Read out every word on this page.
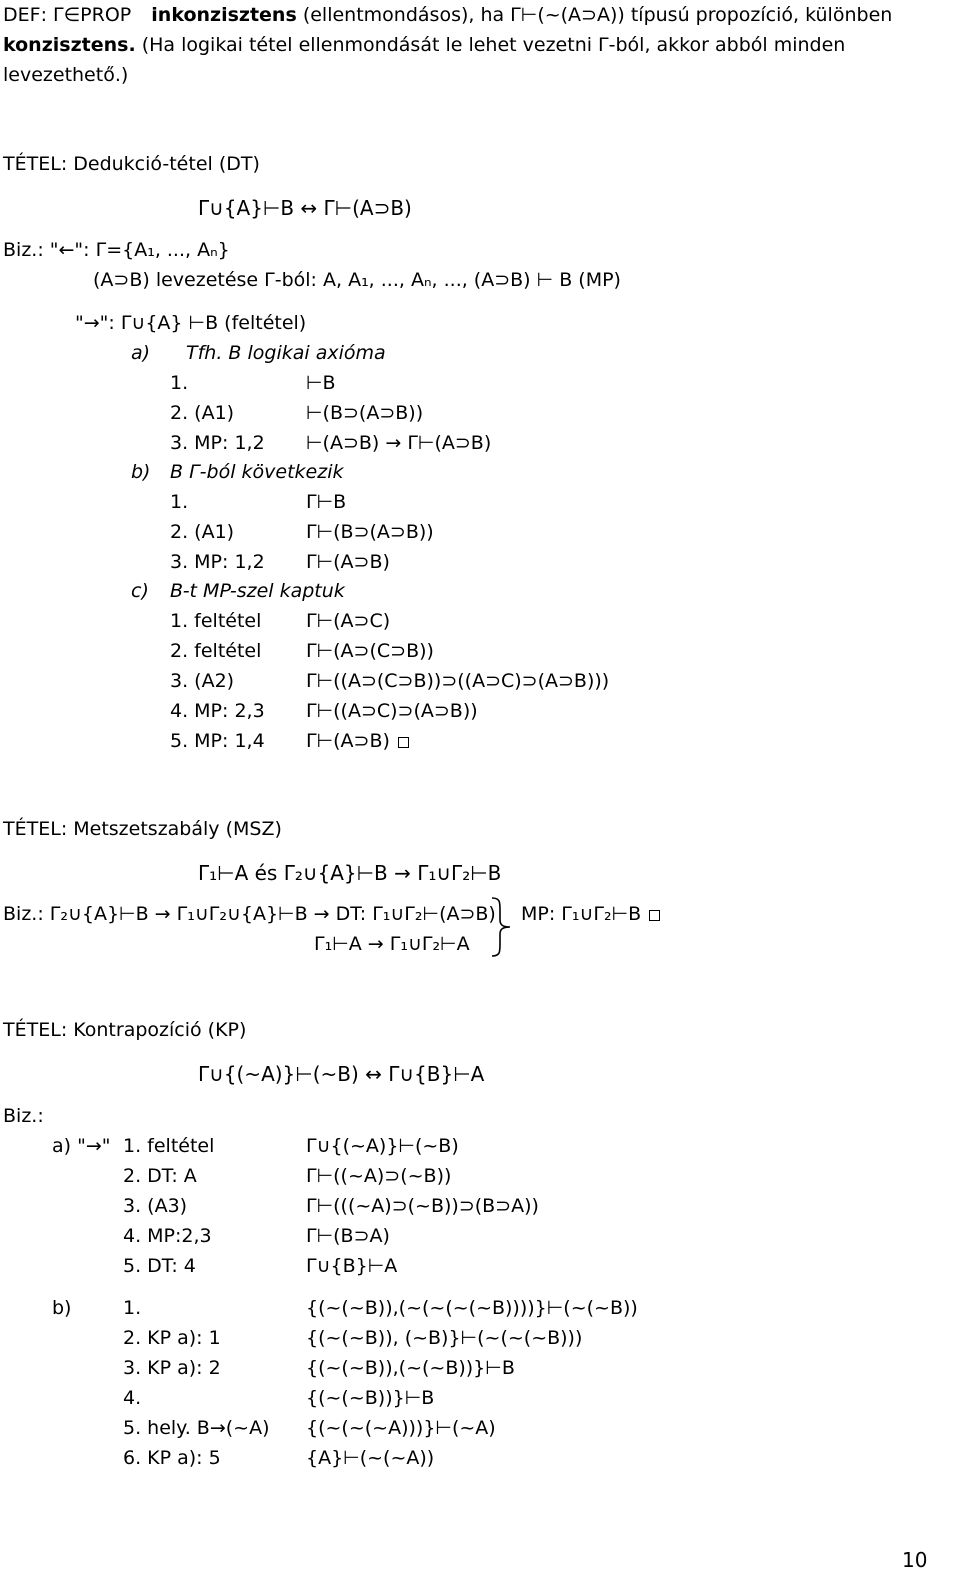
DEF: Γ∈PROP inkonzisztens (ellentmondásos), ha Γ⊢(~(A⊃A)) típusú propozíció, különben
konzisztens. (Ha logikai tétel ellenmondását le lehet vezetni Γ-ból, akkor abból minden
levezethető.)
TÉTEL: Dedukció-tétel (DT)
Γ∪{A}⊢B ↔ Γ⊢(A⊃B)
Biz.: "←": Γ={A₁, ..., Aₙ}
(A⊃B) levezetése Γ-ból: A, A₁, ..., Aₙ, ..., (A⊃B) ⊢ B (MP)
"→": Γ∪{A} ⊢B (feltétel)
a) Tfh. B logikai axióma
1.	⊢B
2. (A1)	⊢(B⊃(A⊃B))
3. MP: 1,2 ⊢(A⊃B) → Γ⊢(A⊃B)
b) B Γ-ból következik
1.	Γ⊢B
2. (A1)	Γ⊢(B⊃(A⊃B))
3. MP: 1,2 Γ⊢(A⊃B)
c) B-t MP-szel kaptuk
1. feltétel Γ⊢(A⊃C)
2. feltétel Γ⊢(A⊃(C⊃B))
3. (A2)	Γ⊢((A⊃(C⊃B))⊃((A⊃C)⊃(A⊃B)))
4. MP: 2,3 Γ⊢((A⊃C)⊃(A⊃B))
5. MP: 1,4 Γ⊢(A⊃B)
TÉTEL: Metszetszabály (MSZ)
Γ₁⊢A és Γ₂∪{A}⊢B → Γ₁∪Γ₂⊢B
Biz.: Γ₂∪{A}⊢B → Γ₁∪Γ₂∪{A}⊢B → DT: Γ₁∪Γ₂⊢(A⊃B)
Γ₁⊢A → Γ₁∪Γ₂⊢A
MP: Γ₁∪Γ₂⊢B
TÉTEL: Kontrapozíció (KP)
Γ∪{(~A)}⊢(~B) ↔ Γ∪{B}⊢A
Biz.:
a) "→" 1. feltétel	Γ∪{(~A)}⊢(~B)
2. DT: A	Γ⊢((~A)⊃(~B))
3. (A3)	Γ⊢(((~A)⊃(~B))⊃(B⊃A))
4. MP:2,3	Γ⊢(B⊃A)
5. DT: 4	Γ∪{B}⊢A
b)	1.	{(~(~B)),(~(~(~(~B))))}⊢(~(~B))
2. KP a): 1	{(~(~B)), (~B)}⊢(~(~(~B)))
3. KP a): 2	{(~(~B)),(~(~B))}⊢B
4.	{(~(~B))}⊢B
5. hely. B→(~A) {(~(~(~A)))}⊢(~A)
6. KP a): 5	{A}⊢(~(~A))
10
